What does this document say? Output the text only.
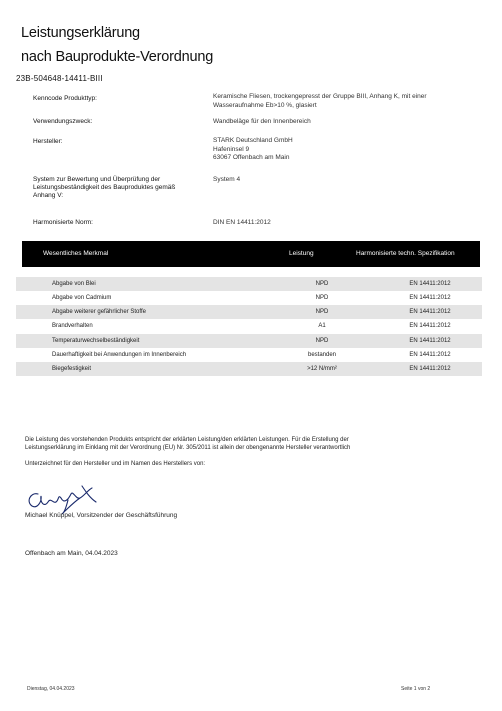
Leistungserklärung
nach Bauprodukte-Verordnung
23B-504648-14411-BIII
Kenncode Produkttyp:	Keramische Fliesen, trockengepresst der Gruppe BIII, Anhang K, mit einer Wasseraufnahme Eb>10 %, glasiert
Verwendungszweck:	Wandbeläge für den Innenbereich
Hersteller:	STARK Deutschland GmbH
Hafeninsel 9
63067 Offenbach am Main
System zur Bewertung und Überprüfung der Leistungsbeständigkeit des Bauproduktes gemäß Anhang V:
System 4
Harmonisierte Norm:	DIN EN 14411:2012
Wesentliches Merkmal	Leistung	Harmonisierte techn. Spezifikation
Abgabe von Blei	NPD	EN 14411:2012
Abgabe von Cadmium	NPD	EN 14411:2012
Abgabe weiterer gefährlicher Stoffe	NPD	EN 14411:2012
Brandverhalten	A1	EN 14411:2012
Temperaturwechselbeständigkeit	NPD	EN 14411:2012
Dauerhaftigkeit bei Anwendungen im Innenbereich	bestanden	EN 14411:2012
Biegefestigkeit	>12 N/mm²	EN 14411:2012
Die Leistung des vorstehenden Produkts entspricht der erklärten Leistung/den erklärten Leistungen. Für die Erstellung der
Leistungserklärung im Einklang mit der Verordnung (EU) Nr. 305/2011 ist allein der obengenannte Hersteller verantwortlich
Unterzeichnet für den Hersteller und im Namen des Herstellers von:
Michael Knüppel, Vorsitzender der Geschäftsführung
Offenbach am Main, 04.04.2023
Dienstag, 04.04.2023	Seite 1 von 2
